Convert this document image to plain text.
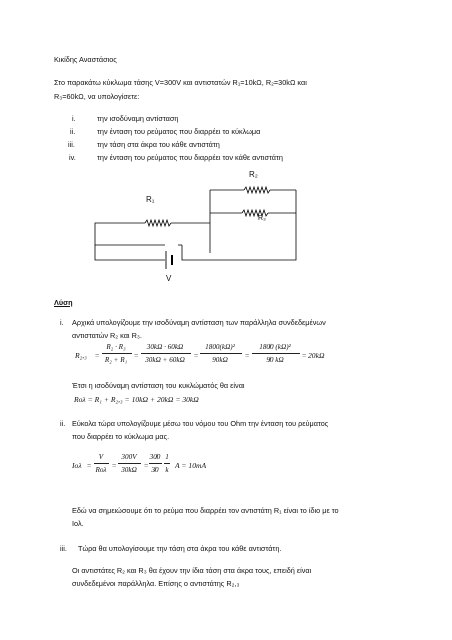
Κικίδης Αναστάσιος
Στο παρακάτω κύκλωμα τάσης V=300V και αντιστατών R₁=10kΩ, R₂=30kΩ και
R₃=60kΩ, να υπολογίσετε:
i.	την ισοδύναμη αντίσταση
ii.	την ένταση του ρεύματος που διαρρέει το κύκλωμα
iii.	την τάση στα άκρα του κάθε αντιστάτη
iv.	την ένταση του ρεύματος που διαρρέει τον κάθε αντιστάτη
R₁
R₂
R₃
V
Λύση
i. Αρχικά υπολογίζουμε την ισοδύναμη αντίσταση των παράλληλα συνδεδεμένων
αντιστατών R₂ και R₃.
R₂,₃ =
R₂ · R₃
R₂ + R₁ =
30kΩ · 60kΩ
30kΩ + 60kΩ	=
1800(kΩ)²
90kΩ	=
180̸0 (kΩ)²
9̸0 kΩ	= 20kΩ
Έτσι η ισοδύναμη αντίσταση του κυκλώματός θα είναι
Rολ = R₁ + R₂,₃ = 10kΩ + 20kΩ = 30kΩ
ii. Εύκολα τώρα υπολογίζουμε μέσω του νόμου του Ohm την ένταση του ρεύματος
που διαρρέει το κύκλωμα μας.
Iολ =
V
Rολ =
300V
30kΩ =
30̸0
3̸0
1
k A = 10mA
Εδώ να σημειώσουμε ότι το ρεύμα που διαρρέει τον αντιστάτη R₁ είναι το ίδιο με το
Iολ.
iii. Τώρα θα υπολογίσουμε την τάση στα άκρα του κάθε αντιστάτη.
Οι αντιστάτες R₂ και R₃ θα έχουν την ίδια τάση στα άκρα τους, επειδή είναι
συνδεδεμένοι παράλληλα. Επίσης ο αντιστάτης R₂,₃
